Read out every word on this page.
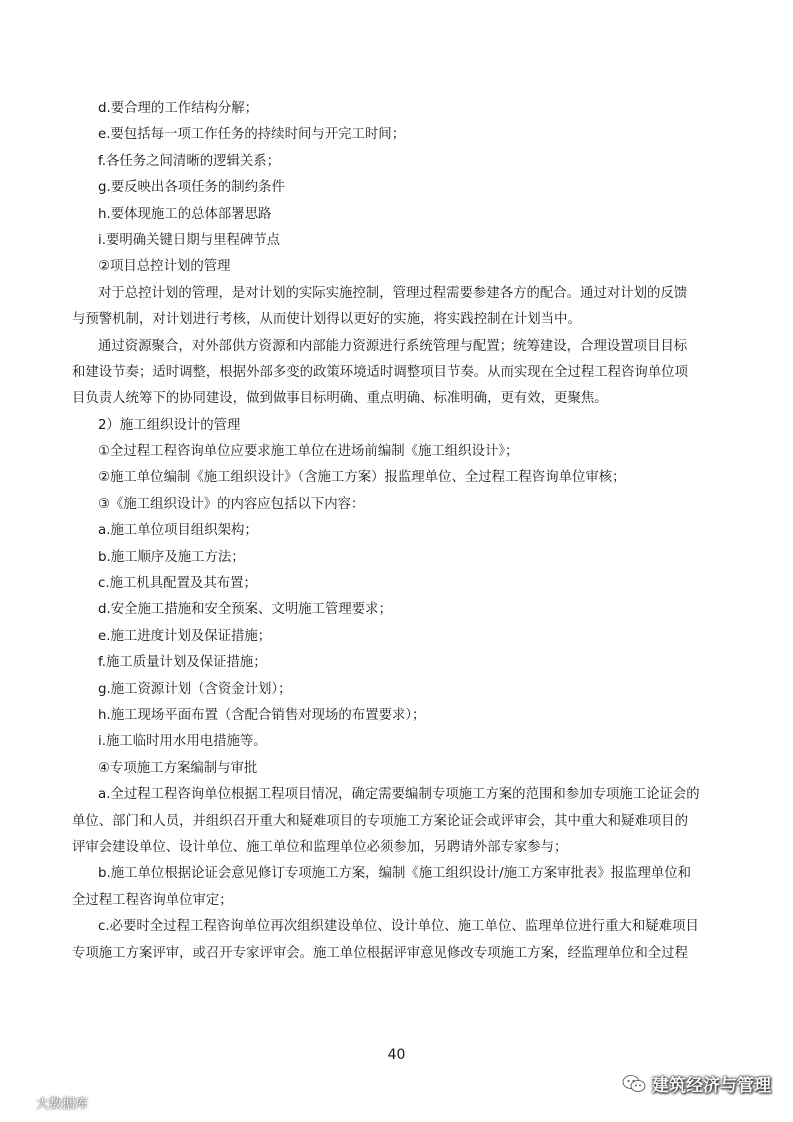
d.要合理的工作结构分解；
e.要包括每一项工作任务的持续时间与开完工时间；
f.各任务之间清晰的逻辑关系；
g.要反映出各项任务的制约条件
h.要体现施工的总体部署思路
i.要明确关键日期与里程碑节点
②项目总控计划的管理
对于总控计划的管理，是对计划的实际实施控制，管理过程需要参建各方的配合。通过对计划的反馈
与预警机制，对计划进行考核，从而使计划得以更好的实施，将实践控制在计划当中。
通过资源聚合，对外部供方资源和内部能力资源进行系统管理与配置；统筹建设，合理设置项目目标
和建设节奏；适时调整，根据外部多变的政策环境适时调整项目节奏。从而实现在全过程工程咨询单位项
目负责人统筹下的协同建设，做到做事目标明确、重点明确、标准明确，更有效，更聚焦。
2）施工组织设计的管理
①全过程工程咨询单位应要求施工单位在进场前编制《施工组织设计》；
②施工单位编制《施工组织设计》（含施工方案）报监理单位、全过程工程咨询单位审核；
③《施工组织设计》的内容应包括以下内容：
a.施工单位项目组织架构；
b.施工顺序及施工方法；
c.施工机具配置及其布置；
d.安全施工措施和安全预案、文明施工管理要求；
e.施工进度计划及保证措施；
f.施工质量计划及保证措施；
g.施工资源计划（含资金计划）；
h.施工现场平面布置（含配合销售对现场的布置要求）；
i.施工临时用水用电措施等。
④专项施工方案编制与审批
a.全过程工程咨询单位根据工程项目情况，确定需要编制专项施工方案的范围和参加专项施工论证会的
单位、部门和人员，并组织召开重大和疑难项目的专项施工方案论证会或评审会，其中重大和疑难项目的
评审会建设单位、设计单位、施工单位和监理单位必须参加，另聘请外部专家参与；
b.施工单位根据论证会意见修订专项施工方案，编制《施工组织设计/施工方案审批表》报监理单位和
全过程工程咨询单位审定；
c.必要时全过程工程咨询单位再次组织建设单位、设计单位、施工单位、监理单位进行重大和疑难项目
专项施工方案评审，或召开专家评审会。施工单位根据评审意见修改专项施工方案，经监理单位和全过程
40
大数据库
建筑经济与管理
